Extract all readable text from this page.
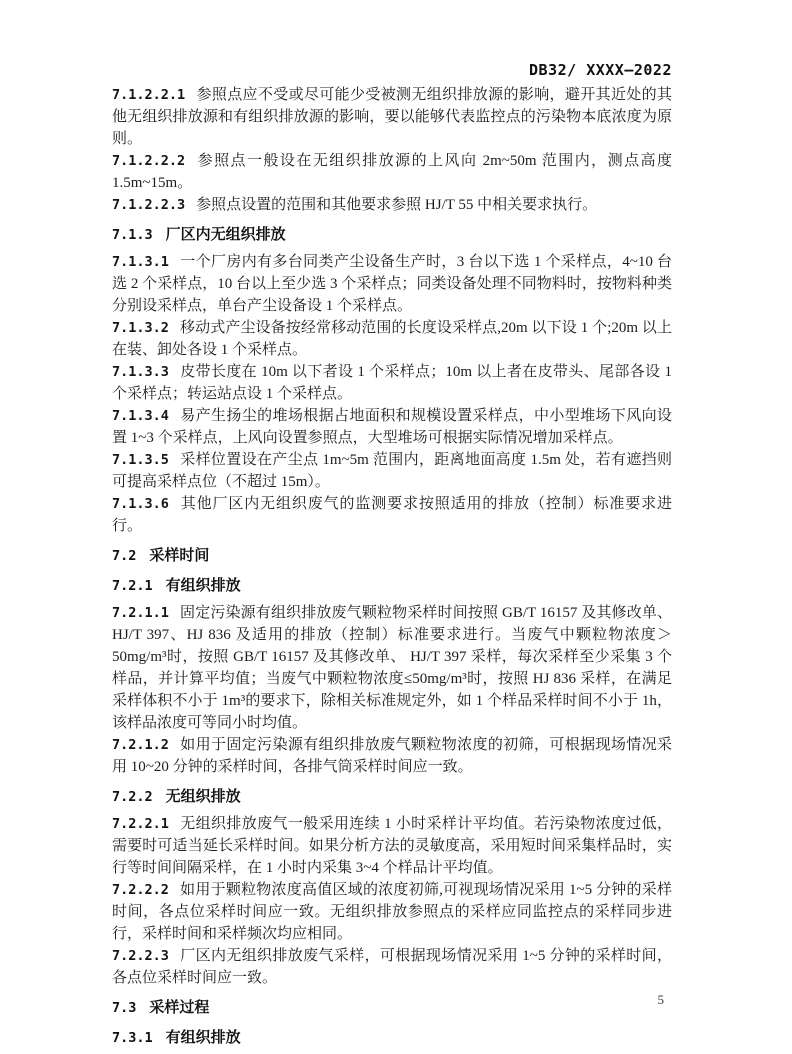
DB32/ XXXX—2022

7.1.2.2.1 参照点应不受或尽可能少受被测无组织排放源的影响，避开其近处的其他无组织排放源和有组织排放源的影响，要以能够代表监控点的污染物本底浓度为原则。

7.1.2.2.2 参照点一般设在无组织排放源的上风向 2m~50m 范围内，测点高度 1.5m~15m。

7.1.2.2.3 参照点设置的范围和其他要求参照 HJ/T 55 中相关要求执行。

7.1.3 厂区内无组织排放

7.1.3.1 一个厂房内有多台同类产尘设备生产时，3 台以下选 1 个采样点，4~10 台选 2 个采样点，10 台以上至少选 3 个采样点；同类设备处理不同物料时，按物料种类分别设采样点，单台产尘设备设 1 个采样点。

7.1.3.2 移动式产尘设备按经常移动范围的长度设采样点,20m 以下设 1 个;20m 以上在装、卸处各设 1 个采样点。

7.1.3.3 皮带长度在 10m 以下者设 1 个采样点；10m 以上者在皮带头、尾部各设 1 个采样点；转运站点设 1 个采样点。

7.1.3.4 易产生扬尘的堆场根据占地面积和规模设置采样点，中小型堆场下风向设置 1~3 个采样点，上风向设置参照点，大型堆场可根据实际情况增加采样点。

7.1.3.5 采样位置设在产尘点 1m~5m 范围内，距离地面高度 1.5m 处，若有遮挡则可提高采样点位（不超过 15m）。

7.1.3.6 其他厂区内无组织废气的监测要求按照适用的排放（控制）标准要求进行。

7.2 采样时间

7.2.1 有组织排放

7.2.1.1 固定污染源有组织排放废气颗粒物采样时间按照 GB/T 16157 及其修改单、HJ/T 397、HJ 836 及适用的排放（控制）标准要求进行。当废气中颗粒物浓度＞50mg/m³时，按照 GB/T 16157 及其修改单、 HJ/T 397 采样，每次采样至少采集 3 个样品，并计算平均值；当废气中颗粒物浓度≤50mg/m³时，按照 HJ 836 采样，在满足采样体积不小于 1m³的要求下，除相关标准规定外，如 1 个样品采样时间不小于 1h，该样品浓度可等同小时均值。

7.2.1.2 如用于固定污染源有组织排放废气颗粒物浓度的初筛，可根据现场情况采用 10~20 分钟的采样时间，各排气筒采样时间应一致。

7.2.2 无组织排放

7.2.2.1 无组织排放废气一般采用连续 1 小时采样计平均值。若污染物浓度过低，需要时可适当延长采样时间。如果分析方法的灵敏度高，采用短时间采集样品时，实行等时间间隔采样，在 1 小时内采集 3~4 个样品计平均值。

7.2.2.2 如用于颗粒物浓度高值区域的浓度初筛,可视现场情况采用 1~5 分钟的采样时间，各点位采样时间应一致。无组织排放参照点的采样应同监控点的采样同步进行，采样时间和采样频次均应相同。

7.2.2.3 厂区内无组织排放废气采样，可根据现场情况采用 1~5 分钟的采样时间，各点位采样时间应一致。

7.3 采样过程

7.3.1 有组织排放

5
